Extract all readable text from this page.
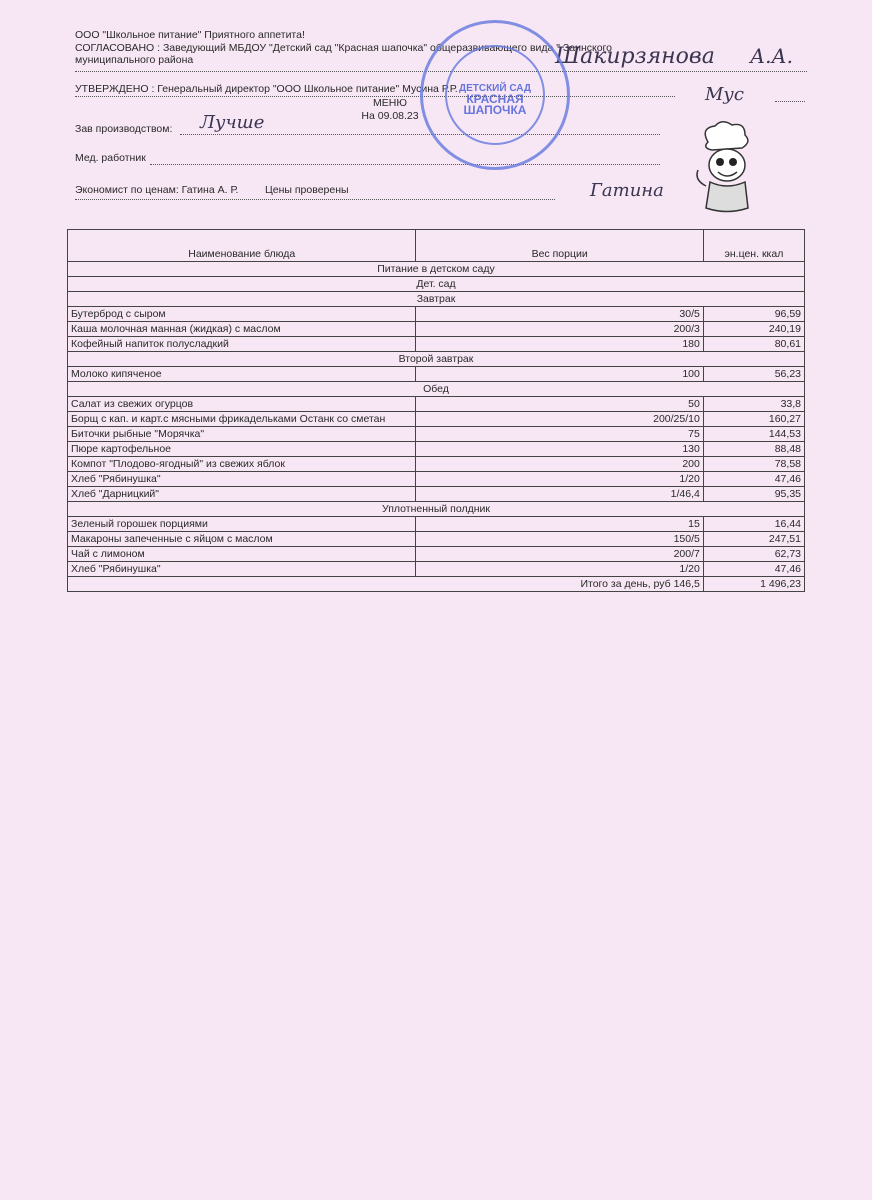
ООО "Школьное питание" Приятного аппетита!
СОГЛАСОВАНО : Заведующий МБДОУ "Детский сад "Красная шапочка" общеразвивающего вида " Заинского
муниципального района
УТВЕРЖДЕНО : Генеральный директор "ООО Школьное питание" Мусина Р.Р.
МЕНЮ
На 09.08.23
Зав производством:
Мед. работник
Экономист по ценам: Гатина А. Р.	Цены проверены
Шакирзянова А.А.
Лучше
Гатина
Мус
ДЕТСКИЙ САД
КРАСНАЯ
ШАПОЧКА
Наименование блюда	Вес порции	эн.цен. ккал
Питание в детском саду		
Дет. сад		
Завтрак		
Бутерброд с сыром	30/5	96,59
Каша молочная манная (жидкая) с маслом	200/3	240,19
Кофейный напиток полусладкий	180	80,61
Второй завтрак		
Молоко кипяченое	100	56,23
Обед		
Салат из свежих огурцов	50	33,8
Борщ с кап. и карт.с мясными фрикадельками Останк со сметан	200/25/10	160,27
Биточки рыбные "Морячка"	75	144,53
Пюре картофельное	130	88,48
Компот "Плодово-ягодный" из свежих яблок	200	78,58
Хлеб "Рябинушка"	1/20	47,46
Хлеб "Дарницкий"	1/46,4	95,35
Уплотненный полдник		
Зеленый горошек порциями	15	16,44
Макароны запеченные с яйцом с маслом	150/5	247,51
Чай с лимоном	200/7	62,73
Хлеб "Рябинушка"	1/20	47,46
	Итого за день, руб 146,5	1 496,23
